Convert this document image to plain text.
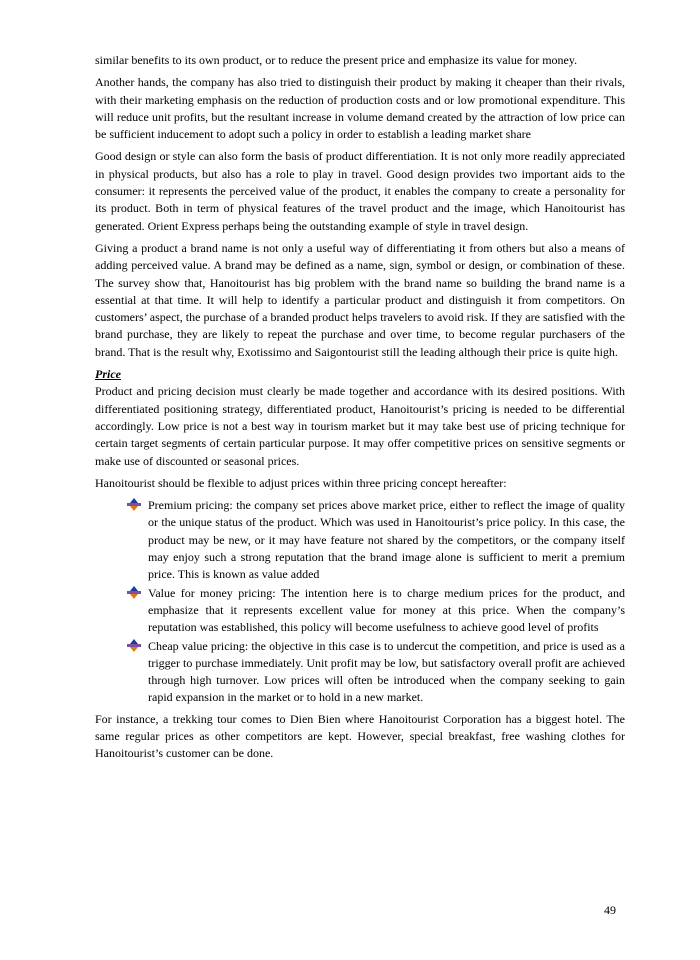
similar benefits to its own product, or to reduce the present price and emphasize its value for money.

Another hands, the company has also tried to distinguish their product by making it cheaper than their rivals, with their marketing emphasis on the reduction of production costs and or low promotional expenditure. This will reduce unit profits, but the resultant increase in volume demand created by the attraction of low price can be sufficient inducement to adopt such a policy in order to establish a leading market share

Good design or style can also form the basis of product differentiation. It is not only more readily appreciated in physical products, but also has a role to play in travel. Good design provides two important aids to the consumer: it represents the perceived value of the product, it enables the company to create a personality for its product. Both in term of physical features of the travel product and the image, which Hanoitourist has generated. Orient Express perhaps being the outstanding example of style in travel design.

Giving a product a brand name is not only a useful way of differentiating it from others but also a means of adding perceived value. A brand may be defined as a name, sign, symbol or design, or combination of these. The survey show that, Hanoitourist has big problem with the brand name so building the brand name is a essential at that time. It will help to identify a particular product and distinguish it from competitors. On customers’ aspect, the purchase of a branded product helps travelers to avoid risk. If they are satisfied with the brand purchase, they are likely to repeat the purchase and over time, to become regular purchasers of the brand. That is the result why, Exotissimo and Saigontourist still the leading although their price is quite high.

Price

Product and pricing decision must clearly be made together and accordance with its desired positions. With differentiated positioning strategy, differentiated product, Hanoitourist’s pricing is needed to be differential accordingly. Low price is not a best way in tourism market but it may take best use of pricing technique for certain target segments of certain particular purpose. It may offer competitive prices on sensitive segments or make use of discounted or seasonal prices.

Hanoitourist should be flexible to adjust prices within three pricing concept hereafter:

Premium pricing: the company set prices above market price, either to reflect the image of quality or the unique status of the product. Which was used in Hanoitourist’s price policy. In this case, the product may be new, or it may have feature not shared by the competitors, or the company itself may enjoy such a strong reputation that the brand image alone is sufficient to merit a premium price. This is known as value added
Value for money pricing: The intention here is to charge medium prices for the product, and emphasize that it represents excellent value for money at this price. When the company’s reputation was established, this policy will become usefulness to achieve good level of profits
Cheap value pricing: the objective in this case is to undercut the competition, and price is used as a trigger to purchase immediately. Unit profit may be low, but satisfactory overall profit are achieved through high turnover. Low prices will often be introduced when the company seeking to gain rapid expansion in the market or to hold in a new market.

For instance, a trekking tour comes to Dien Bien where Hanoitourist Corporation has a biggest hotel. The same regular prices as other competitors are kept. However, special breakfast, free washing clothes for Hanoitourist’s customer can be done.

49
